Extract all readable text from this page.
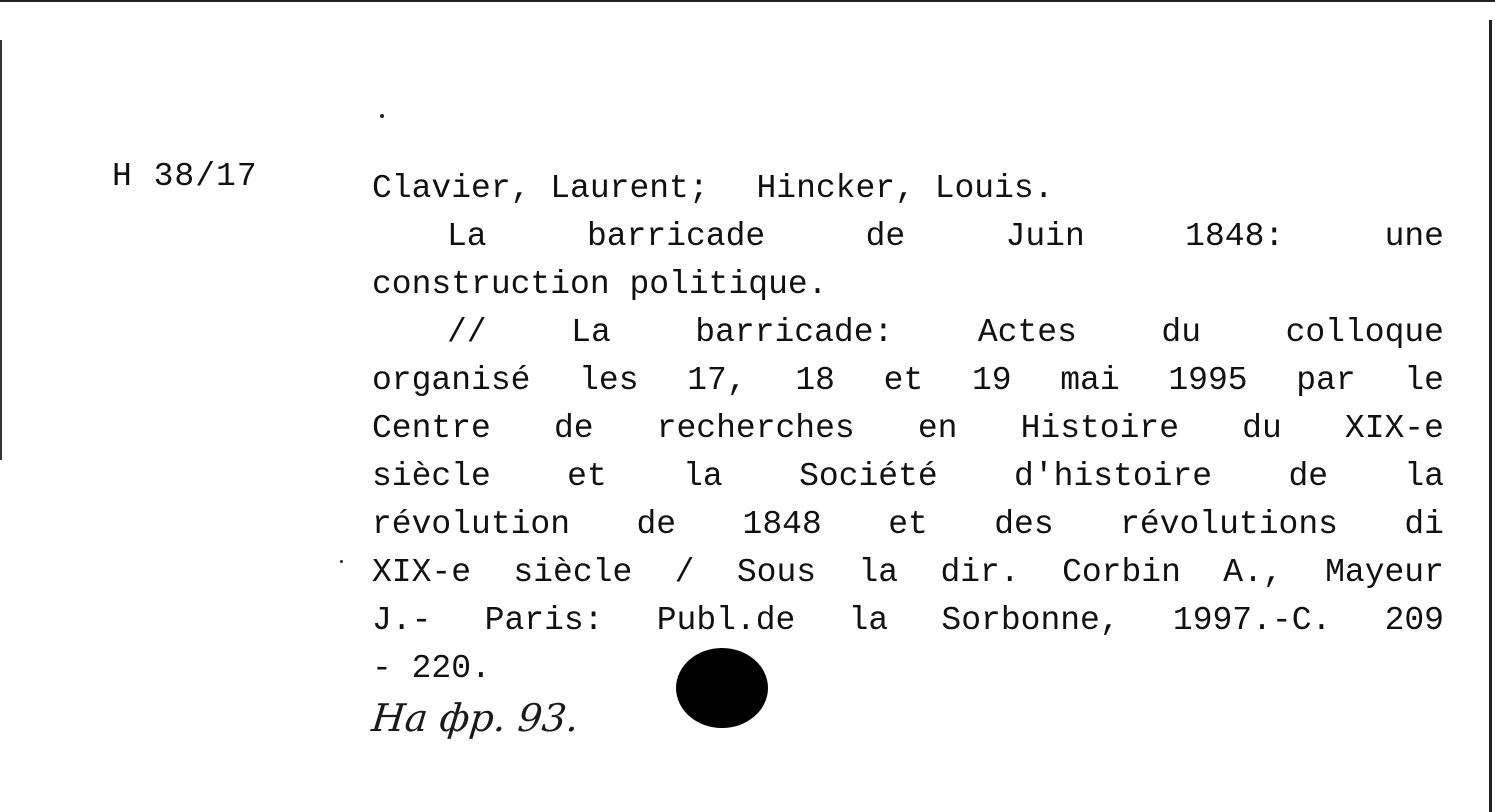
H 38/17	Clavier, Laurent; Hincker, Louis.
La	barricade	de	Juin	1848:	une
construction politique.
//	La	barricade:	Actes	du	colloque
organisé les 17, 18 et 19 mai 1995 par le
Centre de recherches en Histoire du XIX-e
siècle et la Société d'histoire de la
révolution de 1848 et des révolutions di
XIX-e siècle / Sous la dir. Corbin A., Mayeur
J.- Paris: Publ.de la Sorbonne, 1997.-C. 209
- 220.
На фр. 93.
